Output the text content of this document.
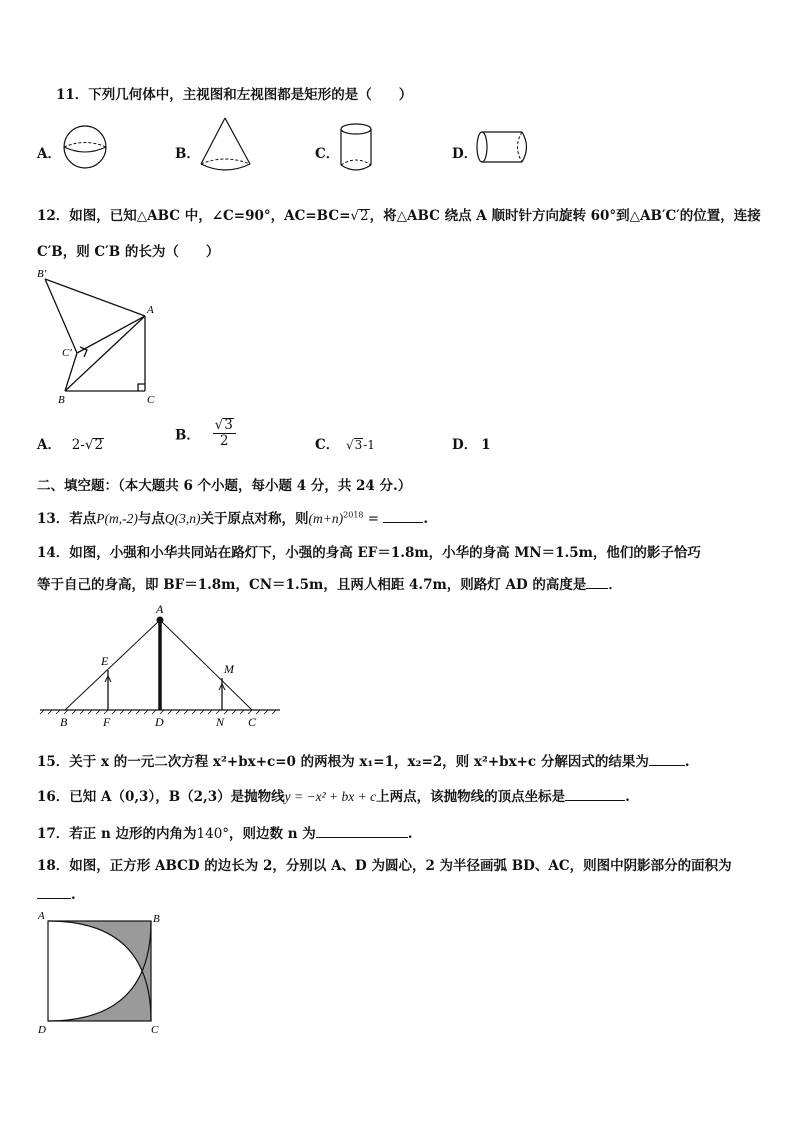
11．下列几何体中，主视图和左视图都是矩形的是（　　）
A．	B．	C．	D．
12．如图，已知△ABC 中，∠C=90°，AC=BC=√2，将△ABC 绕点 A 顺时针方向旋转 60°到△AB′C′的位置，连接
C′B，则 C′B 的长为（　　）
B′
A
C′
B	C
A． 2-√2
B． $\frac{√3}{2}$	C． √3-1	D． 1
二、填空题：（本大题共 6 个小题，每小题 4 分，共 24 分.）
13．若点P(m,-2)与点Q(3,n)关于原点对称，则$(m+n)^{2018}$ =	.
14．如图，小强和小华共同站在路灯下，小强的身高 EF＝1.8m，小华的身高 MN＝1.5m，他们的影子恰巧
等于自己的身高，即 BF＝1.8m，CN＝1.5m，且两人相距 4.7m，则路灯 AD 的高度是 ．
A
E
M
B	F	D	N C
15．关于 x 的一元二次方程 x²+bx+c=0 的两根为 x₁=1，x₂=2，则 x²+bx+c 分解因式的结果为	.
16．已知 A（0,3），B（2,3）是抛物线y = −x² + bx + c上两点，该抛物线的顶点坐标是	.
17．若正 n 边形的内角为140°，则边数 n 为	.
18．如图，正方形 ABCD 的边长为 2，分别以 A、D 为圆心，2 为半径画弧 BD、AC，则图中阴影部分的面积为
.
A	B
C
D
